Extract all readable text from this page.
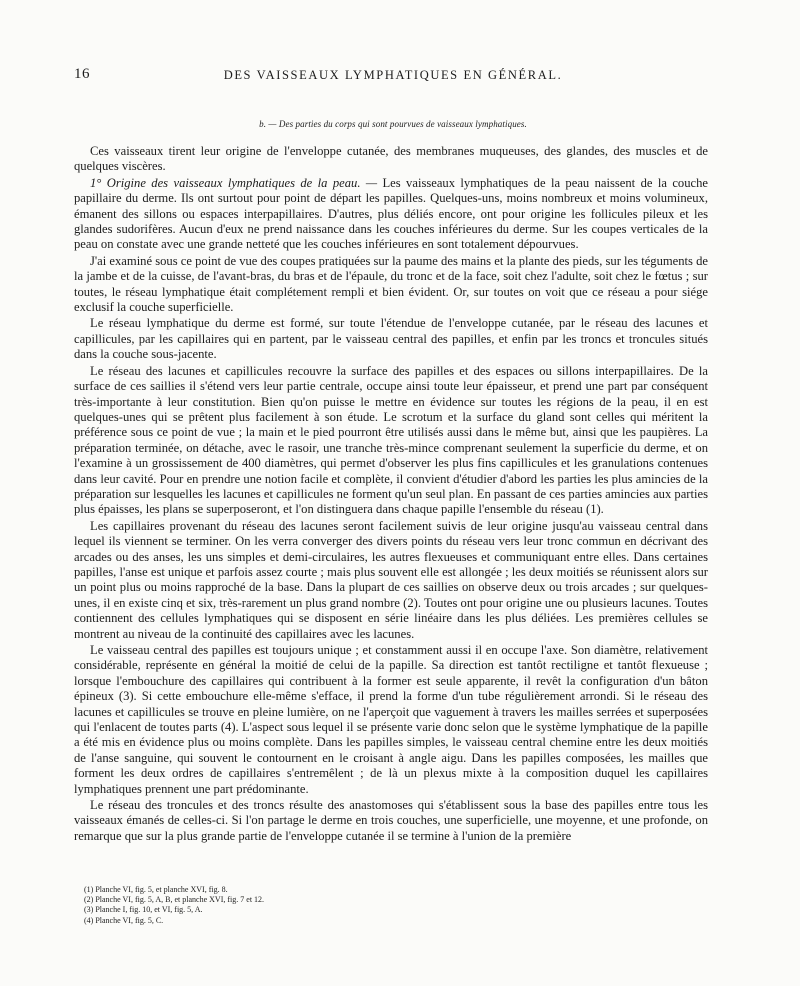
16	DES VAISSEAUX LYMPHATIQUES EN GÉNÉRAL.
b. — Des parties du corps qui sont pourvues de vaisseaux lymphatiques.

Ces vaisseaux tirent leur origine de l'enveloppe cutanée, des membranes muqueuses, des glandes, des muscles et de quelques viscères.

1° Origine des vaisseaux lymphatiques de la peau. — Les vaisseaux lymphatiques de la peau naissent de la couche papillaire du derme. Ils ont surtout pour point de départ les papilles. Quelques-uns, moins nombreux et moins volumineux, émanent des sillons ou espaces interpapillaires. D'autres, plus déliés encore, ont pour origine les follicules pileux et les glandes sudorifères. Aucun d'eux ne prend naissance dans les couches inférieures du derme. Sur les coupes verticales de la peau on constate avec une grande netteté que les couches inférieures en sont totalement dépourvues.

J'ai examiné sous ce point de vue des coupes pratiquées sur la paume des mains et la plante des pieds, sur les téguments de la jambe et de la cuisse, de l'avant-bras, du bras et de l'épaule, du tronc et de la face, soit chez l'adulte, soit chez le fœtus ; sur toutes, le réseau lymphatique était complétement rempli et bien évident. Or, sur toutes on voit que ce réseau a pour siége exclusif la couche superficielle.

Le réseau lymphatique du derme est formé, sur toute l'étendue de l'enveloppe cutanée, par le réseau des lacunes et capillicules, par les capillaires qui en partent, par le vaisseau central des papilles, et enfin par les troncs et troncules situés dans la couche sous-jacente.

Le réseau des lacunes et capillicules recouvre la surface des papilles et des espaces ou sillons interpapillaires. De la surface de ces saillies il s'étend vers leur partie centrale, occupe ainsi toute leur épaisseur, et prend une part par conséquent très-importante à leur constitution. Bien qu'on puisse le mettre en évidence sur toutes les régions de la peau, il en est quelques-unes qui se prêtent plus facilement à son étude. Le scrotum et la surface du gland sont celles qui méritent la préférence sous ce point de vue ; la main et le pied pourront être utilisés aussi dans le même but, ainsi que les paupières. La préparation terminée, on détache, avec le rasoir, une tranche très-mince comprenant seulement la superficie du derme, et on l'examine à un grossissement de 400 diamètres, qui permet d'observer les plus fins capillicules et les granulations contenues dans leur cavité. Pour en prendre une notion facile et complète, il convient d'étudier d'abord les parties les plus amincies de la préparation sur lesquelles les lacunes et capillicules ne forment qu'un seul plan. En passant de ces parties amincies aux parties plus épaisses, les plans se superposeront, et l'on distinguera dans chaque papille l'ensemble du réseau (1).

Les capillaires provenant du réseau des lacunes seront facilement suivis de leur origine jusqu'au vaisseau central dans lequel ils viennent se terminer. On les verra converger des divers points du réseau vers leur tronc commun en décrivant des arcades ou des anses, les uns simples et demi-circulaires, les autres flexueuses et communiquant entre elles. Dans certaines papilles, l'anse est unique et parfois assez courte ; mais plus souvent elle est allongée ; les deux moitiés se réunissent alors sur un point plus ou moins rapproché de la base. Dans la plupart de ces saillies on observe deux ou trois arcades ; sur quelques-unes, il en existe cinq et six, très-rarement un plus grand nombre (2). Toutes ont pour origine une ou plusieurs lacunes. Toutes contiennent des cellules lymphatiques qui se disposent en série linéaire dans les plus déliées. Les premières cellules se montrent au niveau de la continuité des capillaires avec les lacunes.

Le vaisseau central des papilles est toujours unique ; et constamment aussi il en occupe l'axe. Son diamètre, relativement considérable, représente en général la moitié de celui de la papille. Sa direction est tantôt rectiligne et tantôt flexueuse ; lorsque l'embouchure des capillaires qui contribuent à la former est seule apparente, il revêt la configuration d'un bâton épineux (3). Si cette embouchure elle-même s'efface, il prend la forme d'un tube régulièrement arrondi. Si le réseau des lacunes et capillicules se trouve en pleine lumière, on ne l'aperçoit que vaguement à travers les mailles serrées et superposées qui l'enlacent de toutes parts (4). L'aspect sous lequel il se présente varie donc selon que le système lymphatique de la papille a été mis en évidence plus ou moins complète. Dans les papilles simples, le vaisseau central chemine entre les deux moitiés de l'anse sanguine, qui souvent le contournent en le croisant à angle aigu. Dans les papilles composées, les mailles que forment les deux ordres de capillaires s'entremêlent ; de là un plexus mixte à la composition duquel les capillaires lymphatiques prennent une part prédominante.

Le réseau des troncules et des troncs résulte des anastomoses qui s'établissent sous la base des papilles entre tous les vaisseaux émanés de celles-ci. Si l'on partage le derme en trois couches, une superficielle, une moyenne, et une profonde, on remarque que sur la plus grande partie de l'enveloppe cutanée il se termine à l'union de la première

(1) Planche VI, fig. 5, et planche XVI, fig. 8.
(2) Planche VI, fig. 5, A, B, et planche XVI, fig. 7 et 12.
(3) Planche I, fig. 10, et VI, fig. 5, A.
(4) Planche VI, fig. 5, C.
